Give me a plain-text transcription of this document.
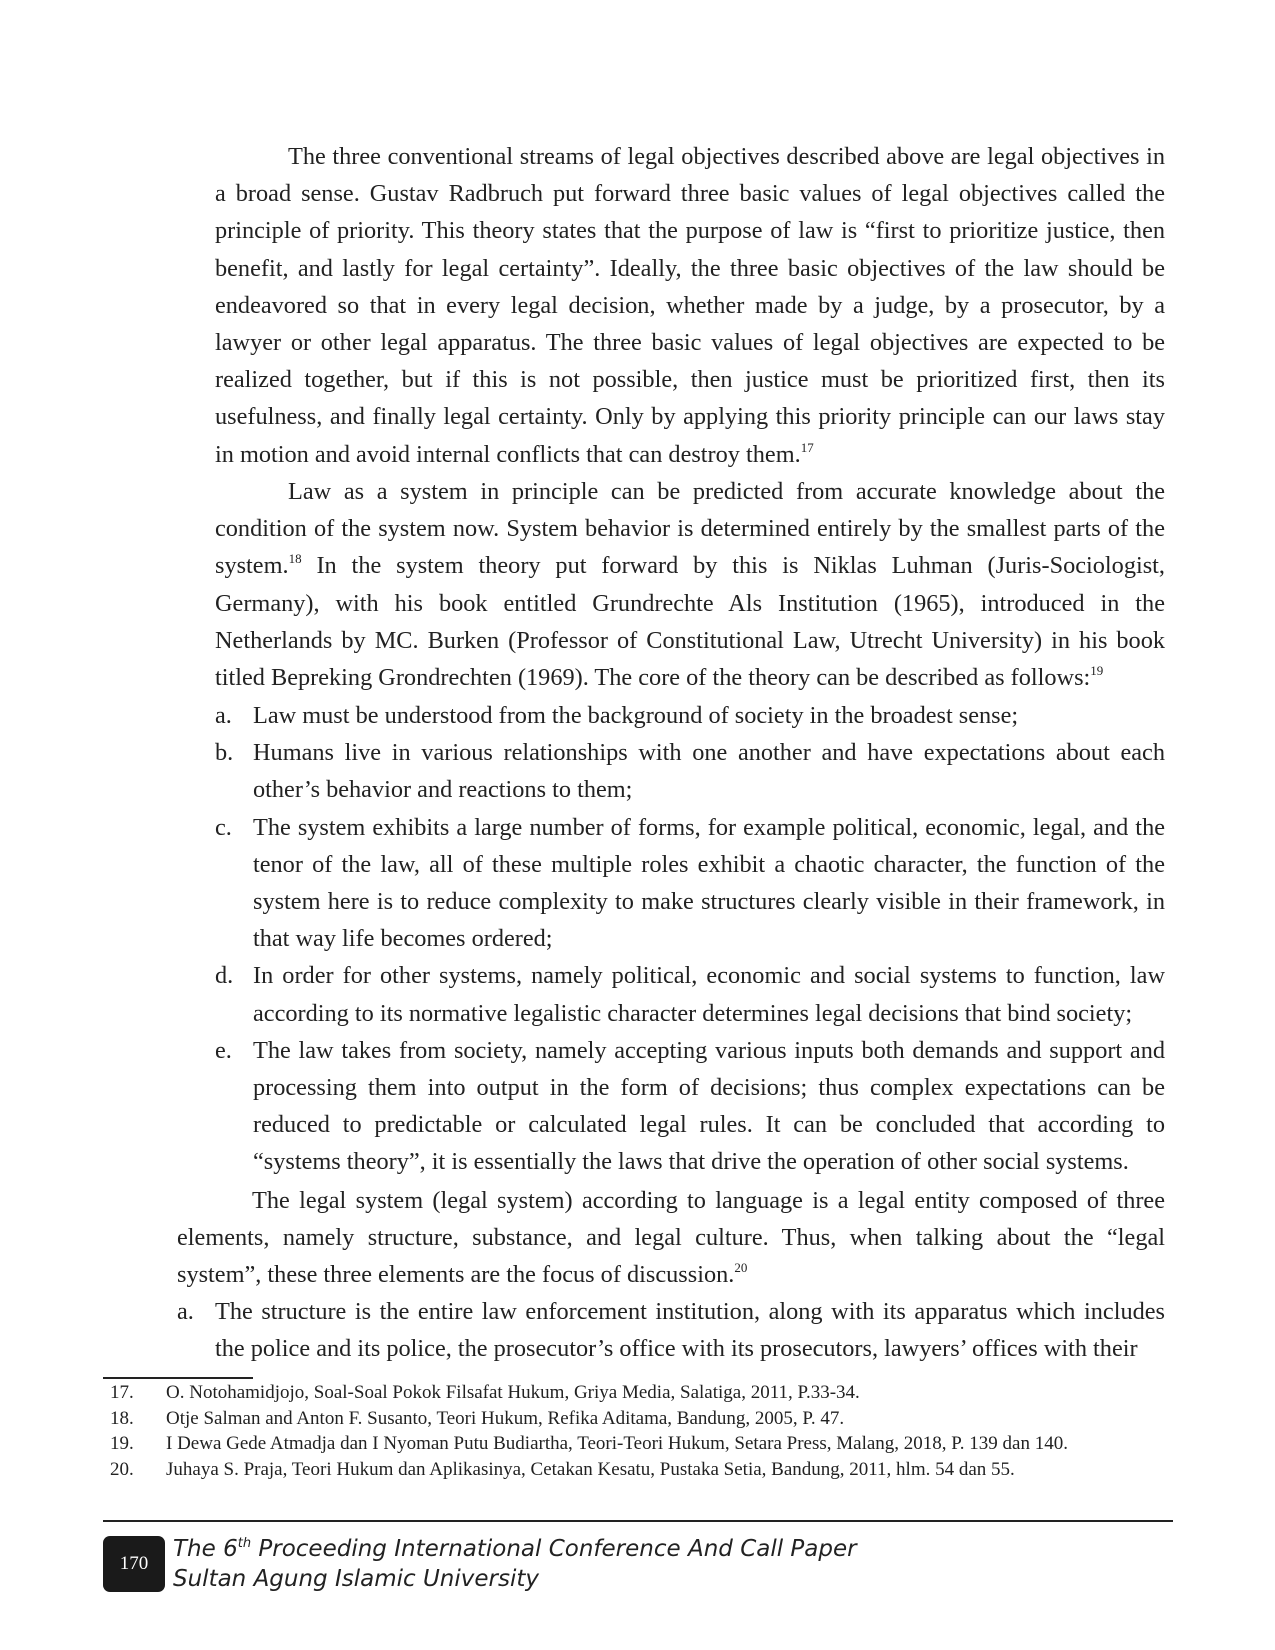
The three conventional streams of legal objectives described above are legal objectives in a broad sense. Gustav Radbruch put forward three basic values of legal objectives called the principle of priority. This theory states that the purpose of law is “first to prioritize justice, then benefit, and lastly for legal certainty”. Ideally, the three basic objectives of the law should be endeavored so that in every legal decision, whether made by a judge, by a prosecutor, by a lawyer or other legal apparatus. The three basic values of legal objectives are expected to be realized together, but if this is not possible, then justice must be prioritized first, then its usefulness, and finally legal certainty. Only by applying this priority principle can our laws stay in motion and avoid internal conflicts that can destroy them.$^{17}$

Law as a system in principle can be predicted from accurate knowledge about the condition of the system now. System behavior is determined entirely by the smallest parts of the system.$^{18}$ In the system theory put forward by this is Niklas Luhman (Juris-Sociologist, Germany), with his book entitled Grundrechte Als Institution (1965), introduced in the Netherlands by MC. Burken (Professor of Constitutional Law, Utrecht University) in his book titled Bepreking Grondrechten (1969). The core of the theory can be described as follows:$^{19}$

a. Law must be understood from the background of society in the broadest sense;
b. Humans live in various relationships with one another and have expectations about each other’s behavior and reactions to them;
c. The system exhibits a large number of forms, for example political, economic, legal, and the tenor of the law, all of these multiple roles exhibit a chaotic character, the function of the system here is to reduce complexity to make structures clearly visible in their framework, in that way life becomes ordered;
d. In order for other systems, namely political, economic and social systems to function, law according to its normative legalistic character determines legal decisions that bind society;
e. The law takes from society, namely accepting various inputs both demands and support and processing them into output in the form of decisions; thus complex expectations can be reduced to predictable or calculated legal rules. It can be concluded that according to “systems theory”, it is essentially the laws that drive the operation of other social systems.

The legal system (legal system) according to language is a legal entity composed of three elements, namely structure, substance, and legal culture. Thus, when talking about the “legal system”, these three elements are the focus of discussion.$^{20}$

a. The structure is the entire law enforcement institution, along with its apparatus which includes the police and its police, the prosecutor’s office with its prosecutors, lawyers’ offices with their
17. O. Notohamidjojo, Soal-Soal Pokok Filsafat Hukum, Griya Media, Salatiga, 2011, P.33-34.
18. Otje Salman and Anton F. Susanto, Teori Hukum, Refika Aditama, Bandung, 2005, P. 47.
19. I Dewa Gede Atmadja dan I Nyoman Putu Budiartha, Teori-Teori Hukum, Setara Press, Malang, 2018, P. 139 dan 140.
20. Juhaya S. Praja, Teori Hukum dan Aplikasinya, Cetakan Kesatu, Pustaka Setia, Bandung, 2011, hlm. 54 dan 55.
170
The 6th Proceeding International Conference And Call Paper
Sultan Agung Islamic University
